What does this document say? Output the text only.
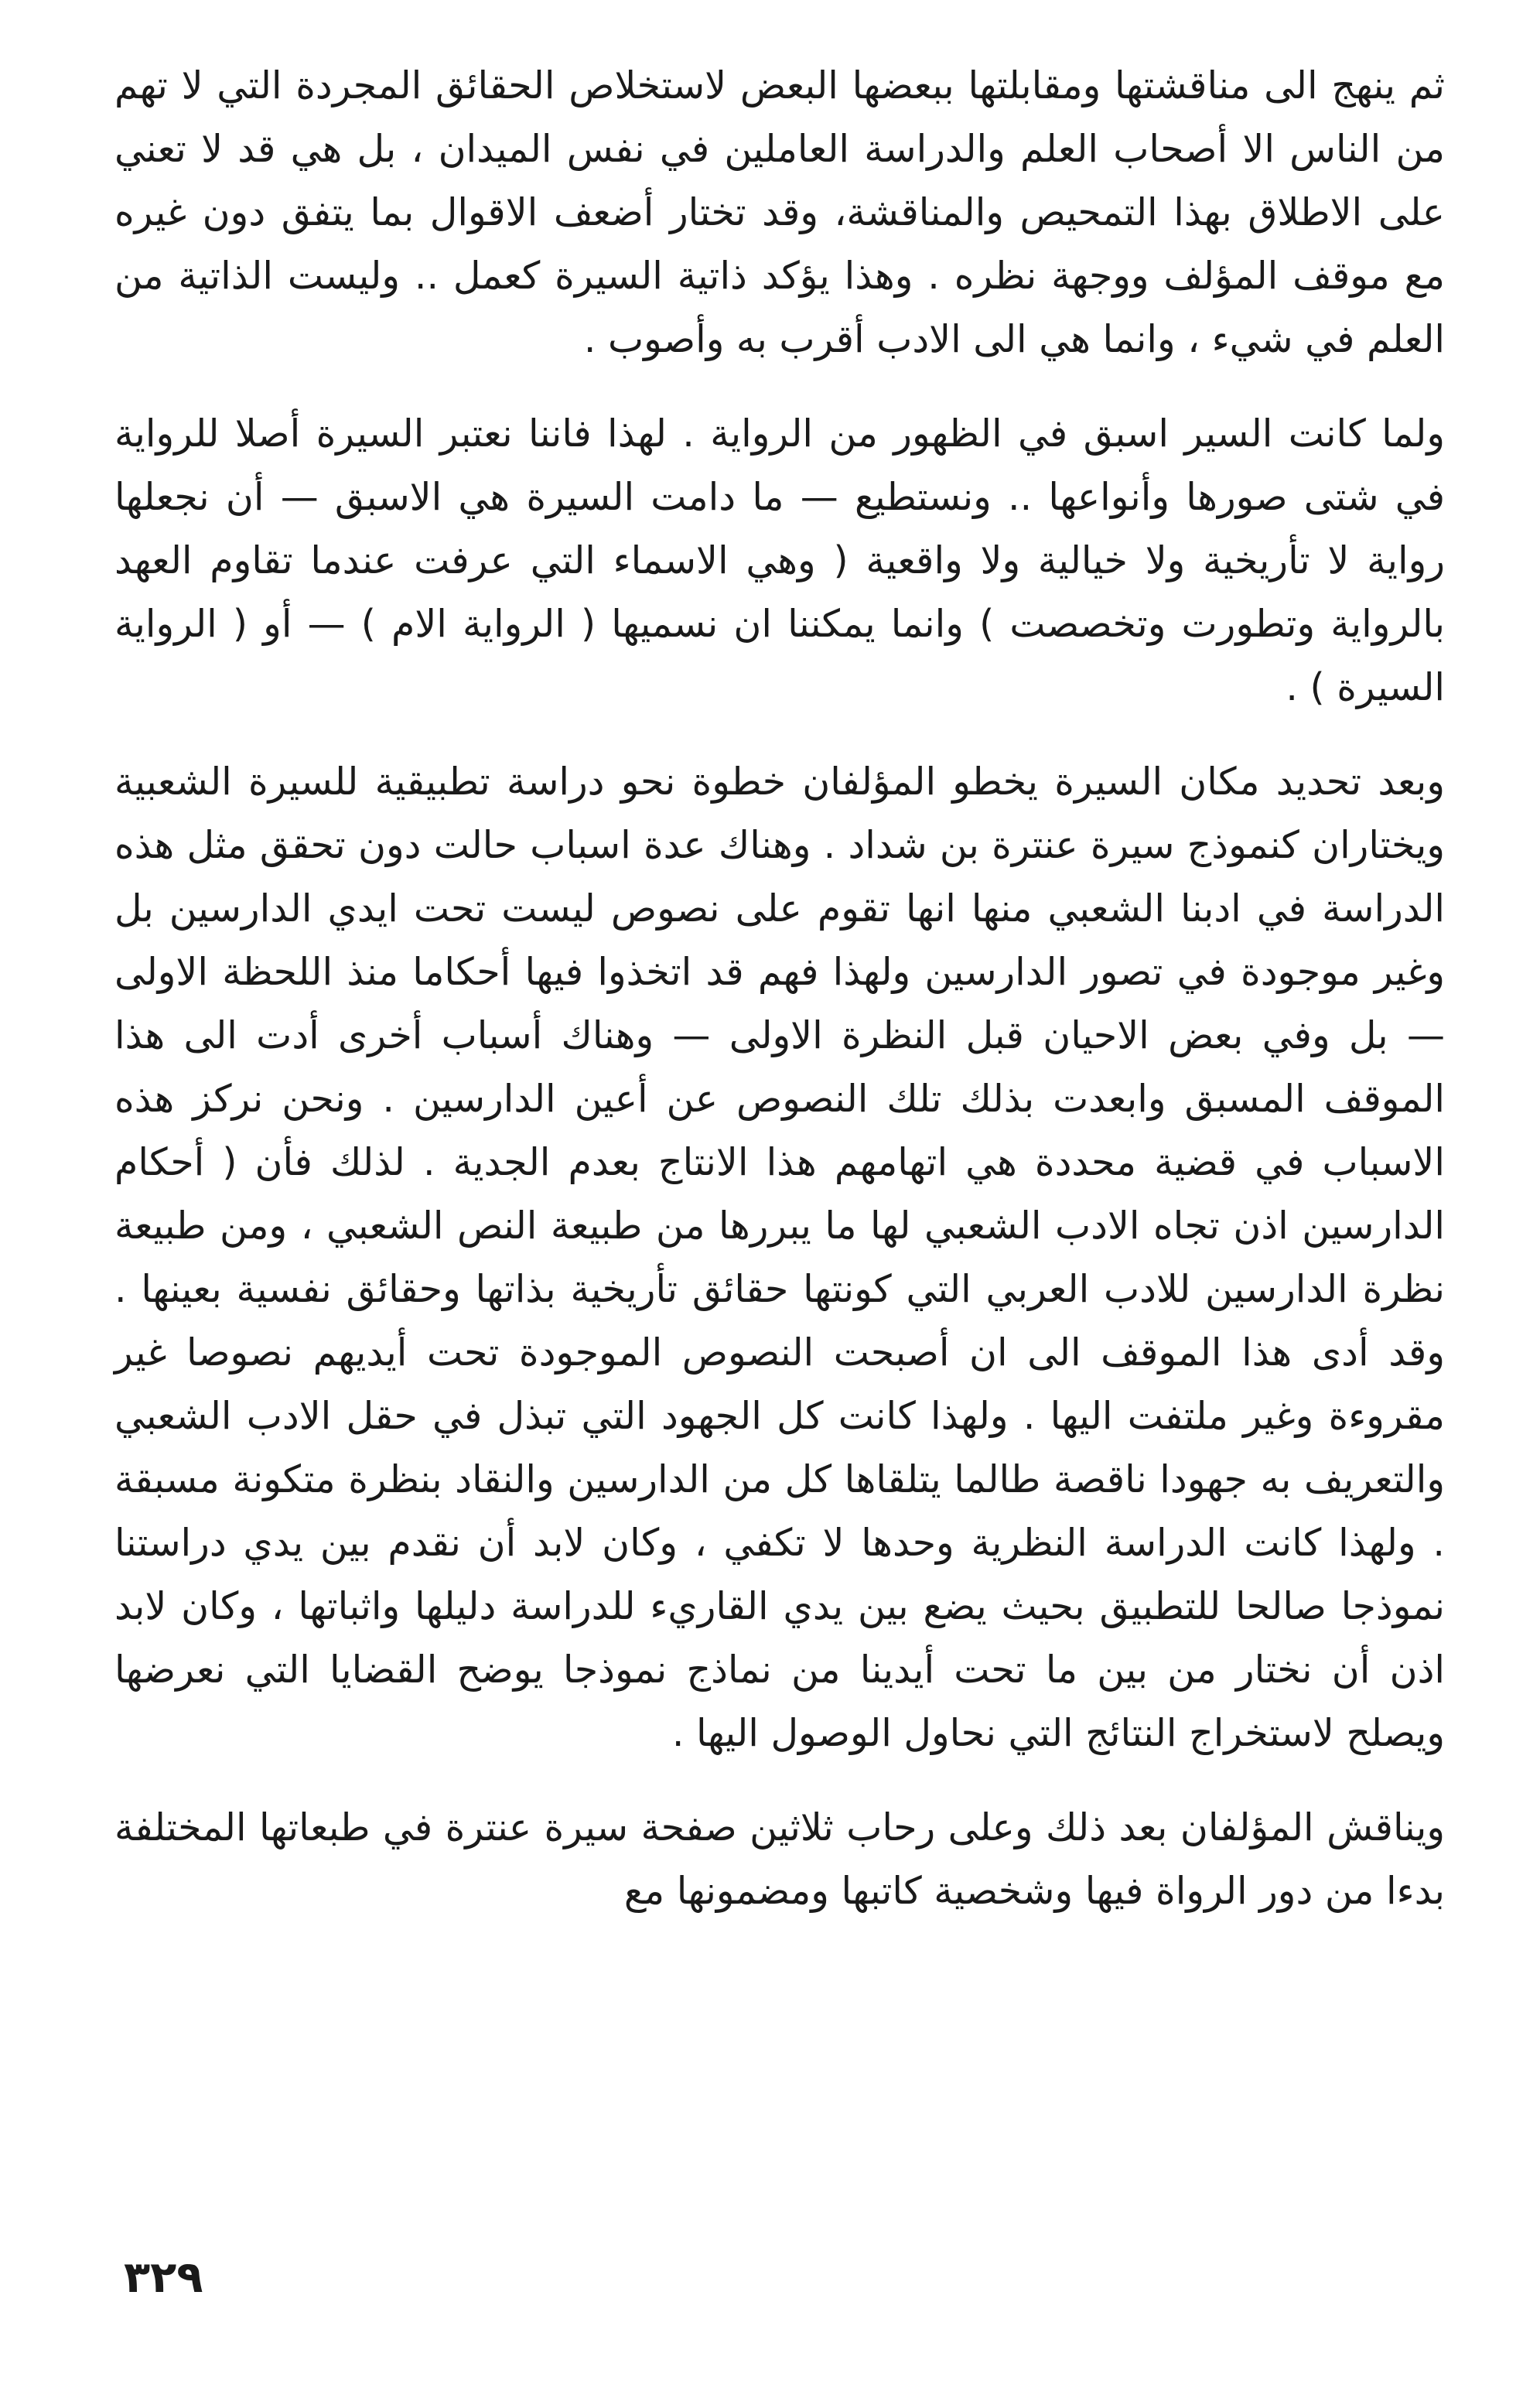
ثم ينهج الى مناقشتها ومقابلتها ببعضها البعض لاستخلاص الحقائق المجردة التي لا تهم من الناس الا أصحاب العلم والدراسة العاملين في نفس الميدان ، بل هي قد لا تعني على الاطلاق بهذا التمحيص والمناقشة، وقد تختار أضعف الاقوال بما يتفق دون غيره مع موقف المؤلف ووجهة نظره . وهذا يؤكد ذاتية السيرة كعمل .. وليست الذاتية من العلم في شيء ، وانما هي الى الادب أقرب به وأصوب .

ولما كانت السير اسبق في الظهور من الرواية . لهذا فاننا نعتبر السيرة أصلا للرواية في شتى صورها وأنواعها .. ونستطيع — ما دامت السيرة هي الاسبق — أن نجعلها رواية لا تأريخية ولا خيالية ولا واقعية ( وهي الاسماء التي عرفت عندما تقاوم العهد بالرواية وتطورت وتخصصت ) وانما يمكننا ان نسميها ( الرواية الام ) — أو ( الرواية السيرة ) .

وبعد تحديد مكان السيرة يخطو المؤلفان خطوة نحو دراسة تطبيقية للسيرة الشعبية ويختاران كنموذج سيرة عنترة بن شداد . وهناك عدة اسباب حالت دون تحقق مثل هذه الدراسة في ادبنا الشعبي منها انها تقوم على نصوص ليست تحت ايدي الدارسين بل وغير موجودة في تصور الدارسين ولهذا فهم قد اتخذوا فيها أحكاما منذ اللحظة الاولى — بل وفي بعض الاحيان قبل النظرة الاولى — وهناك أسباب أخرى أدت الى هذا الموقف المسبق وابعدت بذلك تلك النصوص عن أعين الدارسين . ونحن نركز هذه الاسباب في قضية محددة هي اتهامهم هذا الانتاج بعدم الجدية . لذلك فأن ( أحكام الدارسين اذن تجاه الادب الشعبي لها ما يبررها من طبيعة النص الشعبي ، ومن طبيعة نظرة الدارسين للادب العربي التي كونتها حقائق تأريخية بذاتها وحقائق نفسية بعينها . وقد أدى هذا الموقف الى ان أصبحت النصوص الموجودة تحت أيديهم نصوصا غير مقروءة وغير ملتفت اليها . ولهذا كانت كل الجهود التي تبذل في حقل الادب الشعبي والتعريف به جهودا ناقصة طالما يتلقاها كل من الدارسين والنقاد بنظرة متكونة مسبقة . ولهذا كانت الدراسة النظرية وحدها لا تكفي ، وكان لابد أن نقدم بين يدي دراستنا نموذجا صالحا للتطبيق بحيث يضع بين يدي القاريء للدراسة دليلها واثباتها ، وكان لابد اذن أن نختار من بين ما تحت أيدينا من نماذج نموذجا يوضح القضايا التي نعرضها ويصلح لاستخراج النتائج التي نحاول الوصول اليها .

ويناقش المؤلفان بعد ذلك وعلى رحاب ثلاثين صفحة سيرة عنترة في طبعاتها المختلفة بدءا من دور الرواة فيها وشخصية كاتبها ومضمونها مع

٣٢٩
